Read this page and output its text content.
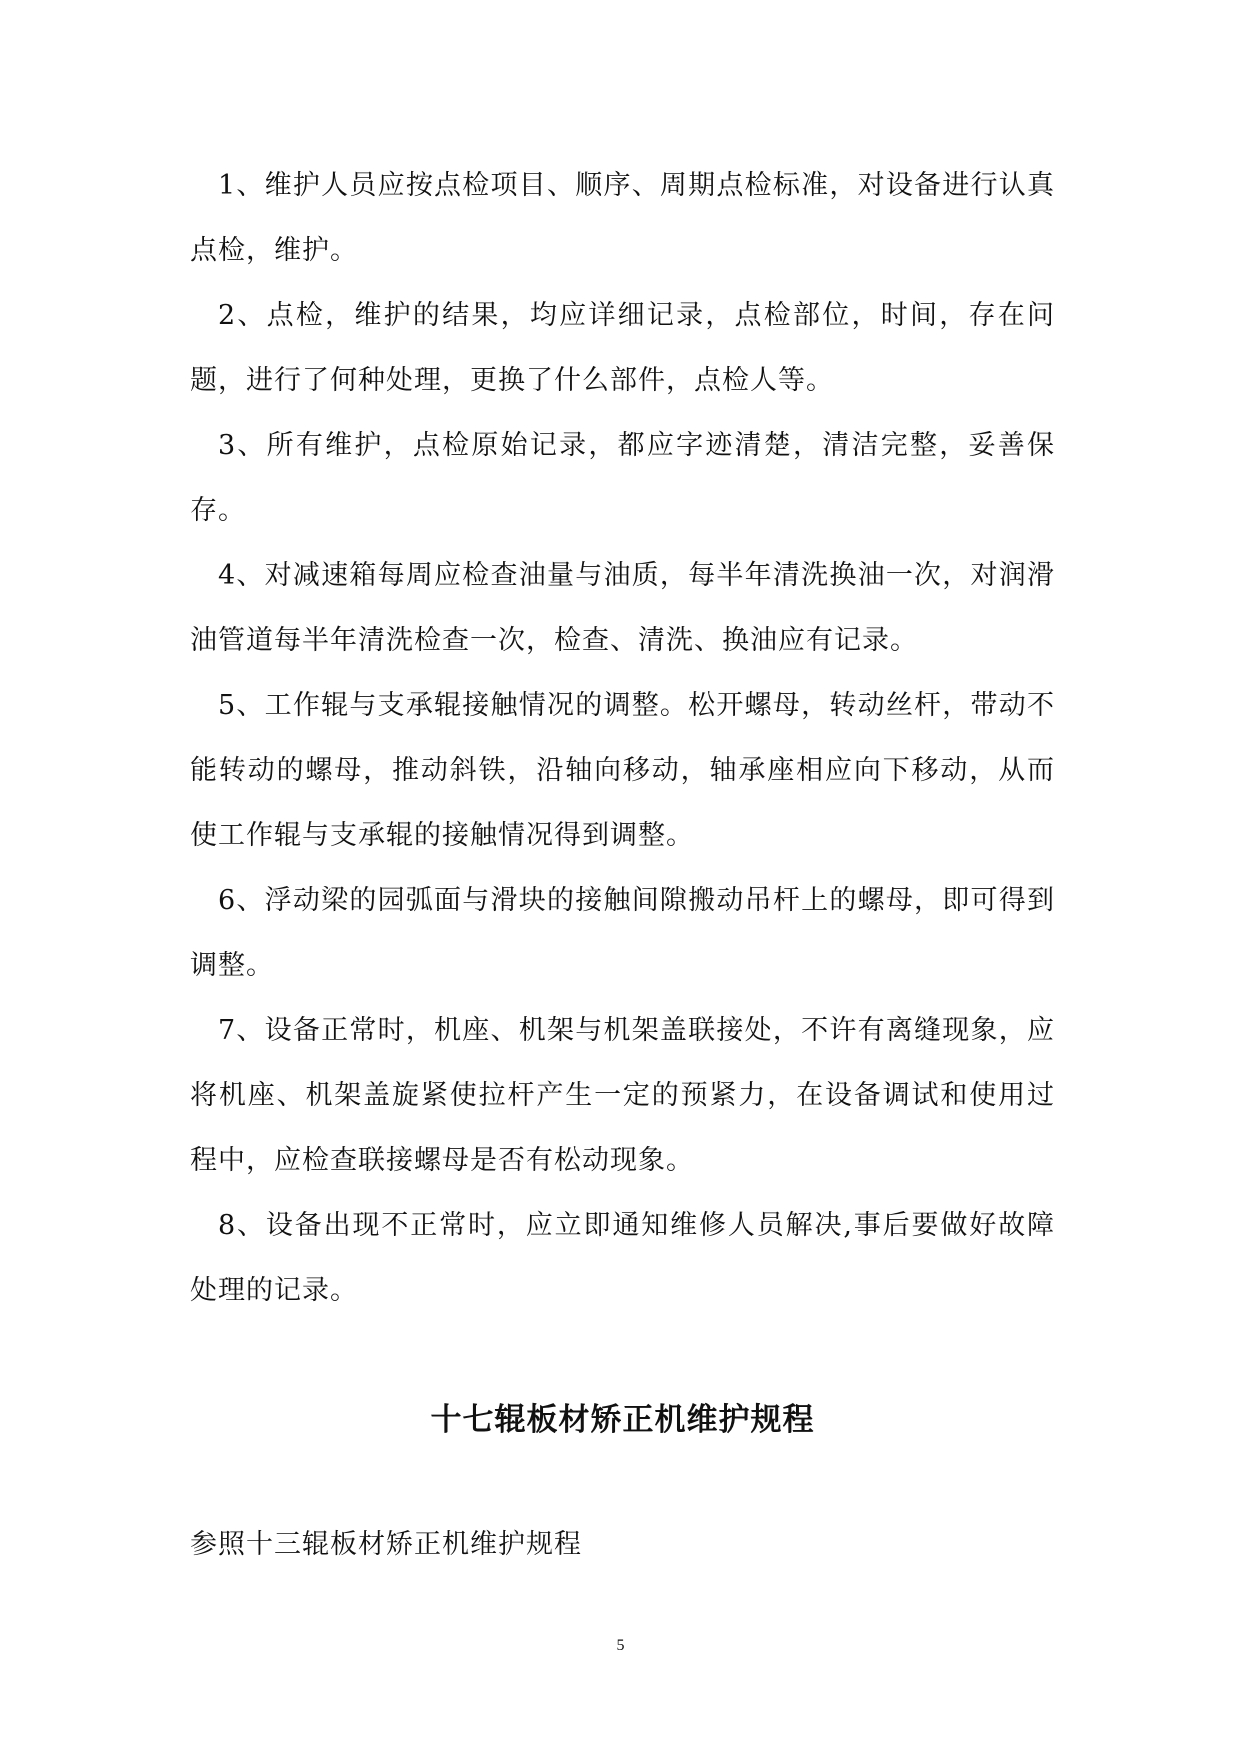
1、维护人员应按点检项目、顺序、周期点检标准，对设备进行认真点检，维护。

2、点检，维护的结果，均应详细记录，点检部位，时间，存在问题，进行了何种处理，更换了什么部件，点检人等。

3、所有维护，点检原始记录，都应字迹清楚，清洁完整，妥善保存。

4、对减速箱每周应检查油量与油质，每半年清洗换油一次，对润滑油管道每半年清洗检查一次，检查、清洗、换油应有记录。

5、工作辊与支承辊接触情况的调整。松开螺母，转动丝杆，带动不能转动的螺母，推动斜铁，沿轴向移动，轴承座相应向下移动，从而使工作辊与支承辊的接触情况得到调整。

6、浮动梁的园弧面与滑块的接触间隙搬动吊杆上的螺母，即可得到调整。

7、设备正常时，机座、机架与机架盖联接处，不许有离缝现象，应将机座、机架盖旋紧使拉杆产生一定的预紧力，在设备调试和使用过程中，应检查联接螺母是否有松动现象。

8、设备出现不正常时，应立即通知维修人员解决,事后要做好故障处理的记录。

十七辊板材矫正机维护规程
参照十三辊板材矫正机维护规程
5
